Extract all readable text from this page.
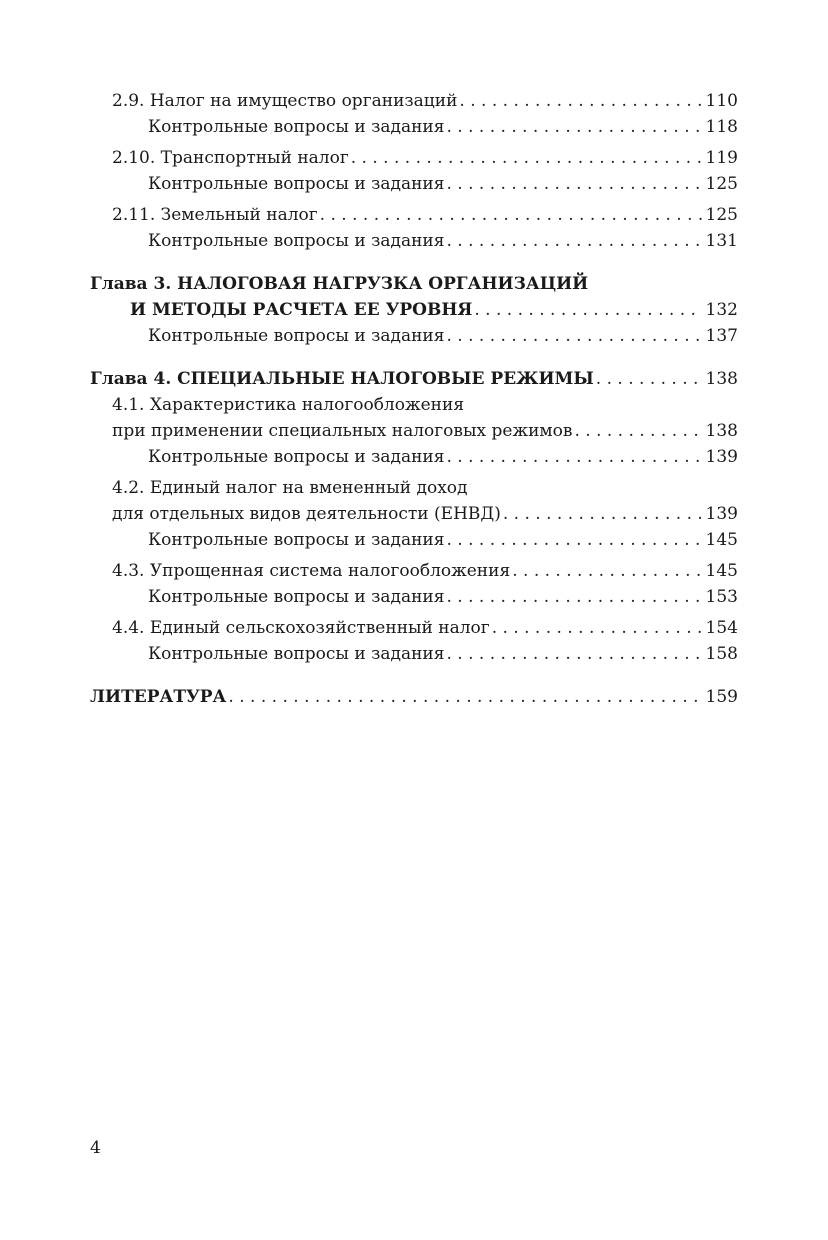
2.9. Налог на имущество организаций . . .	110
Контрольные вопросы и задания . . .	118
2.10. Транспортный налог . . .	119
Контрольные вопросы и задания . . .	125
2.11. Земельный налог . . .	125
Контрольные вопросы и задания . . .	131
Глава 3. НАЛОГОВАЯ НАГРУЗКА ОРГАНИЗАЦИЙ
И МЕТОДЫ РАСЧЕТА ЕЕ УРОВНЯ . . .	132
Контрольные вопросы и задания . . .	137
Глава 4. СПЕЦИАЛЬНЫЕ НАЛОГОВЫЕ РЕЖИМЫ . . .	138
4.1. Характеристика налогообложения
при применении специальных налоговых режимов . . .	138
Контрольные вопросы и задания . . .	139
4.2. Единый налог на вмененный доход
для отдельных видов деятельности (ЕНВД) . . .	139
Контрольные вопросы и задания . . .	145
4.3. Упрощенная система налогообложения . . .	145
Контрольные вопросы и задания . . .	153
4.4. Единый сельскохозяйственный налог . . .	154
Контрольные вопросы и задания . . .	158
ЛИТЕРАТУРА . . .	159
4
